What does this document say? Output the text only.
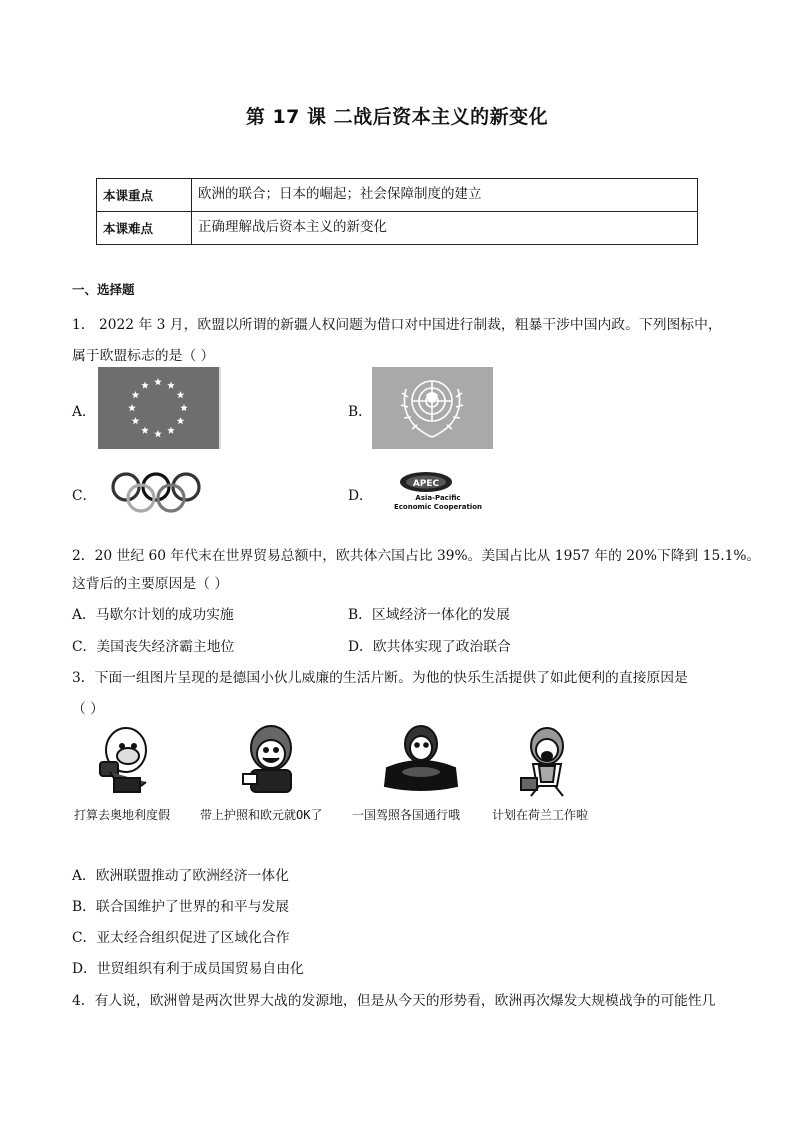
第 17 课 二战后资本主义的新变化
本课重点	欧洲的联合；日本的崛起；社会保障制度的建立
本课难点	正确理解战后资本主义的新变化
一、选择题
1． 2022 年 3 月，欧盟以所谓的新疆人权问题为借口对中国进行制裁，粗暴干涉中国内政。下列图标中，
属于欧盟标志的是（ ）
A．	B．
C．	D．
APEC
Asia-Pacific
Economic Cooperation
2．20 世纪 60 年代末在世界贸易总额中，欧共体六国占比 39%。美国占比从 1957 年的 20%下降到 15.1%。
这背后的主要原因是（ ）
A．马歇尔计划的成功实施	B．区域经济一体化的发展
C．美国丧失经济霸主地位	D．欧共体实现了政治联合
3．下面一组图片呈现的是德国小伙儿威廉的生活片断。为他的快乐生活提供了如此便利的直接原因是
（ ）
打算去奥地利度假 带上护照和欧元就OK了 一国驾照各国通行哦	计划在荷兰工作啦
A．欧洲联盟推动了欧洲经济一体化
B．联合国维护了世界的和平与发展
C．亚太经合组织促进了区域化合作
D．世贸组织有利于成员国贸易自由化
4．有人说，欧洲曾是两次世界大战的发源地，但是从今天的形势看，欧洲再次爆发大规模战争的可能性几
